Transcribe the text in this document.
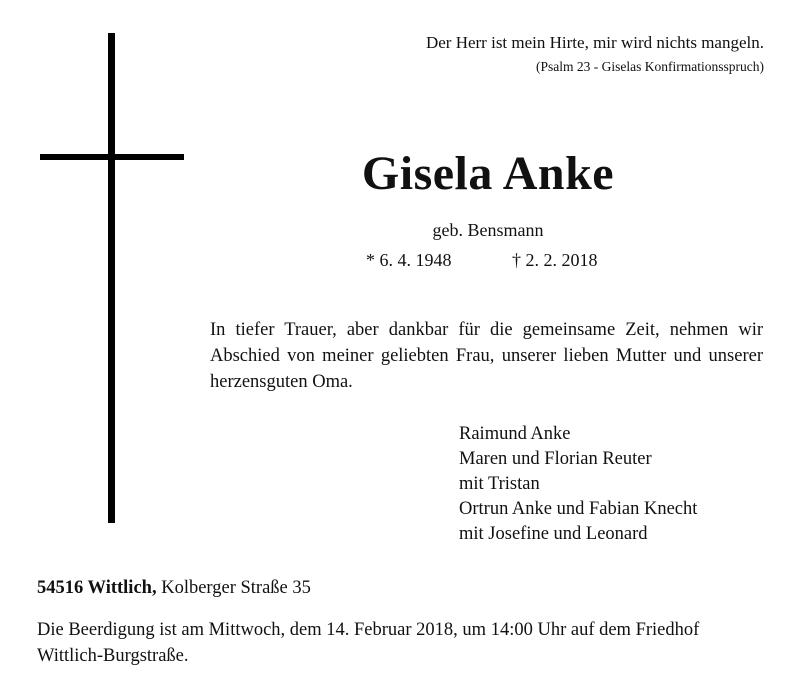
Der Herr ist mein Hirte, mir wird nichts mangeln.
(Psalm 23 - Giselas Konfirmationsspruch)
Gisela Anke
geb. Bensmann
* 6. 4. 1948	† 2. 2. 2018
In tiefer Trauer, aber dankbar für die gemeinsame Zeit, nehmen wir Abschied von meiner geliebten Frau, unserer lieben Mutter und unserer herzensguten Oma.
Raimund Anke
Maren und Florian Reuter
mit Tristan
Ortrun Anke und Fabian Knecht
mit Josefine und Leonard
54516 Wittlich, Kolberger Straße 35
Die Beerdigung ist am Mittwoch, dem 14. Februar 2018, um 14:00 Uhr auf dem Friedhof Wittlich-Burgstraße.
